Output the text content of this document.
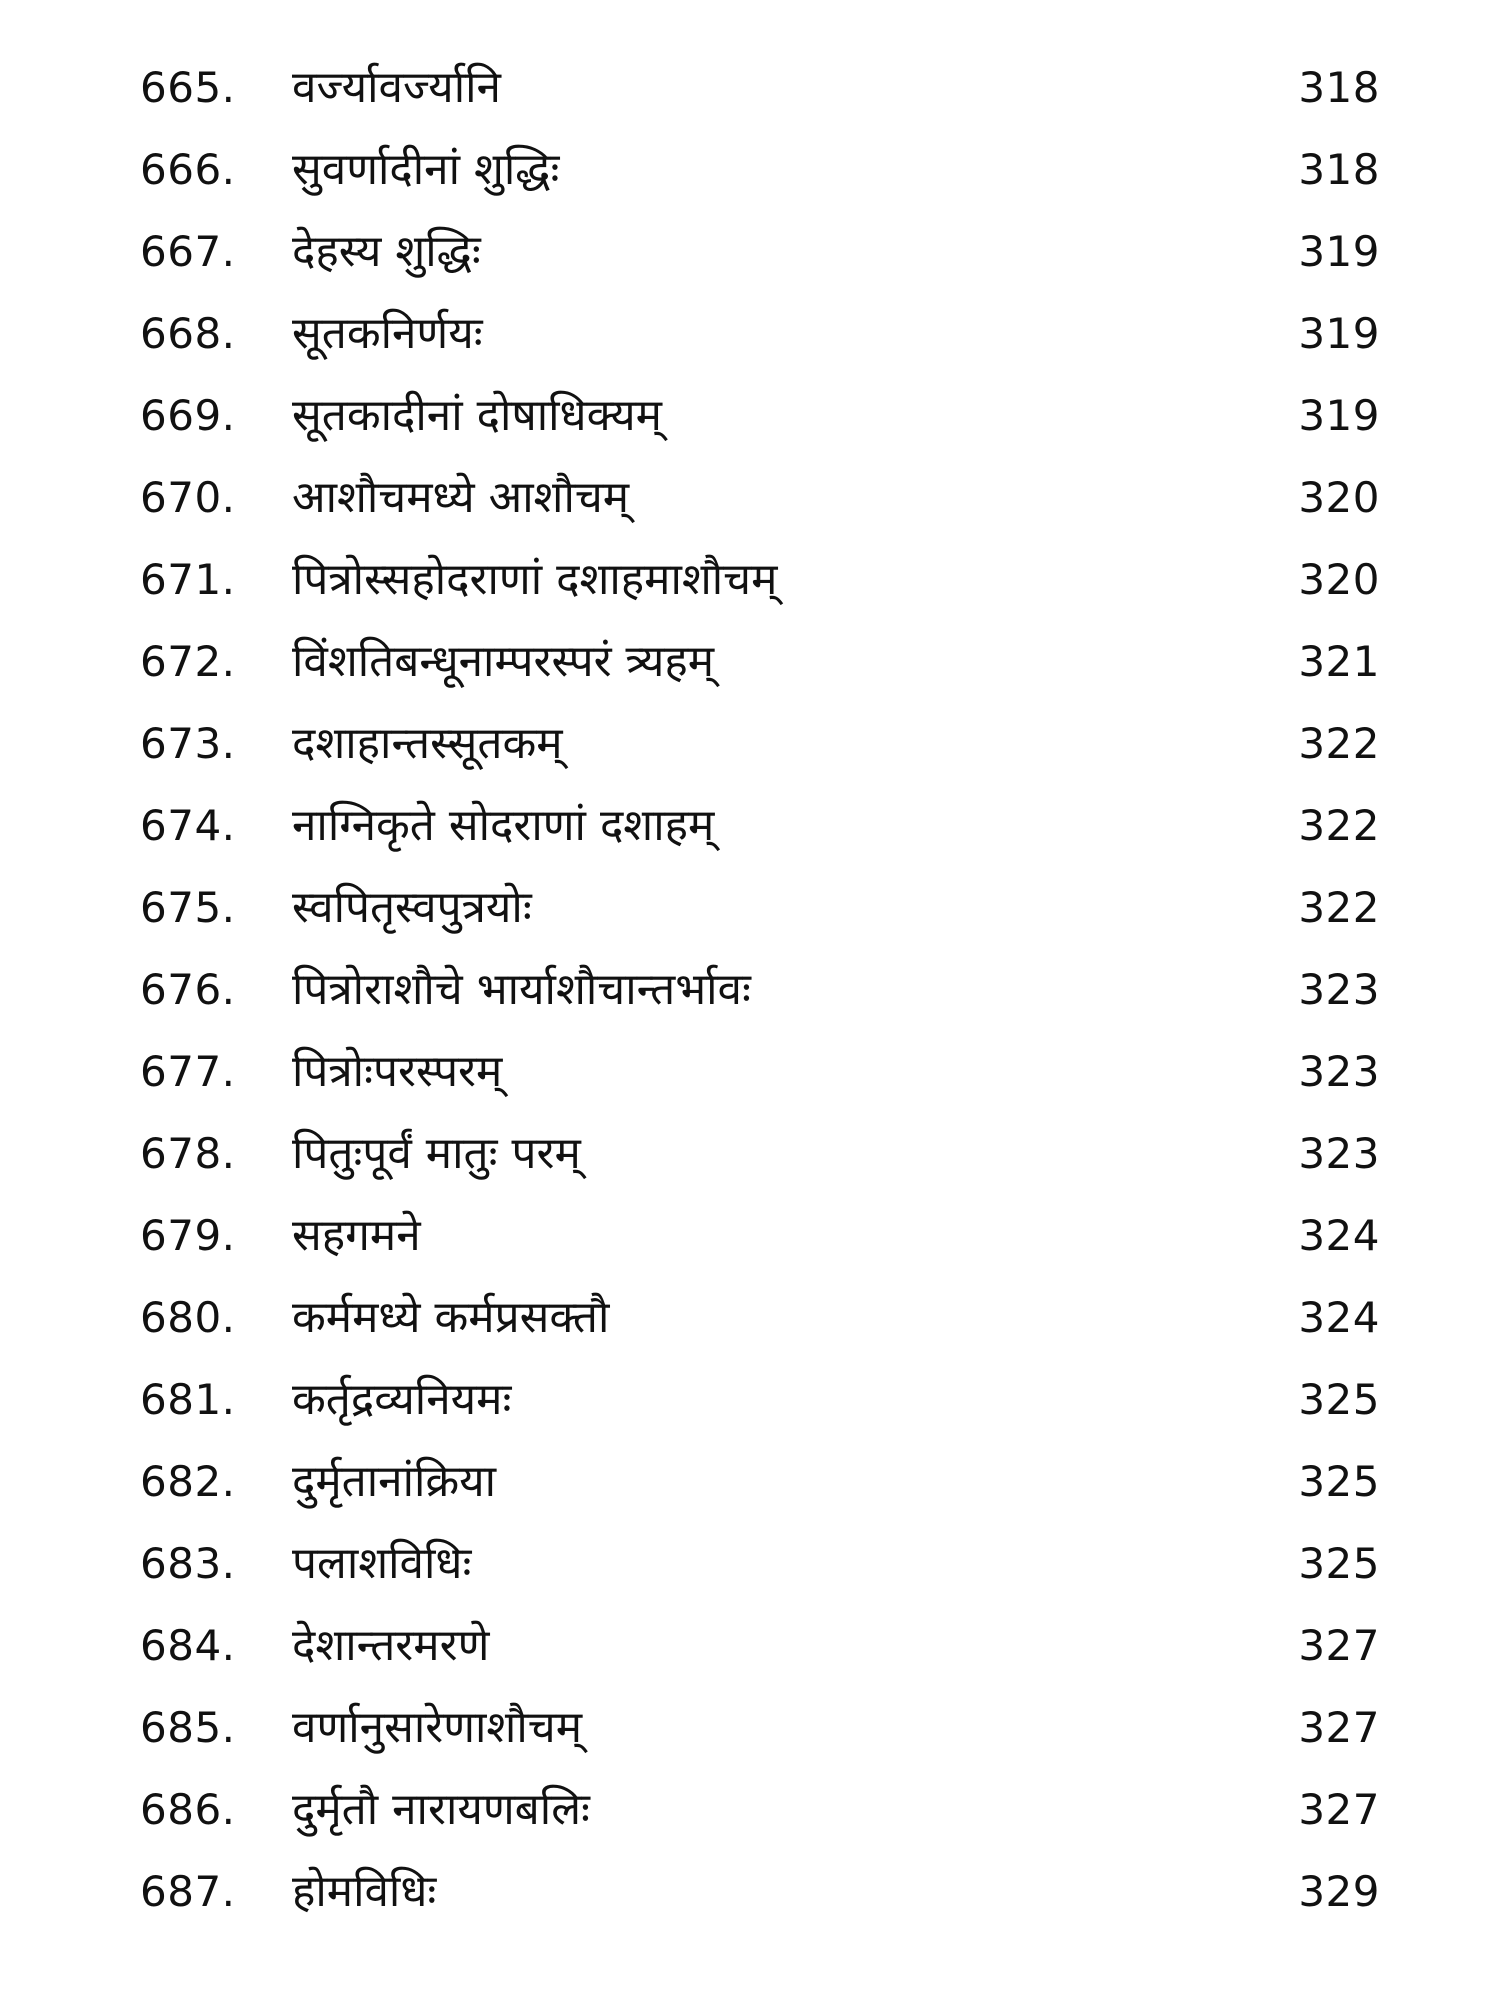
665.	वर्ज्यावर्ज्यानि	318
666.	सुवर्णादीनां शुद्धिः	318
667.	देहस्य शुद्धिः	319
668.	सूतकनिर्णयः	319
669.	सूतकादीनां दोषाधिक्यम्	319
670.	आशौचमध्ये आशौचम्	320
671.	पित्रोस्सहोदराणां दशाहमाशौचम्	320
672.	विंशतिबन्धूनाम्परस्परं त्र्यहम्	321
673.	दशाहान्तस्सूतकम्	322
674.	नाग्निकृते सोदराणां दशाहम्	322
675.	स्वपितृस्वपुत्रयोः	322
676.	पित्रोराशौचे भार्याशौचान्तर्भावः	323
677.	पित्रोःपरस्परम्	323
678.	पितुःपूर्वं मातुः परम्	323
679.	सहगमने	324
680.	कर्ममध्ये कर्मप्रसक्तौ	324
681.	कर्तृद्रव्यनियमः	325
682.	दुर्मृतानांक्रिया	325
683.	पलाशविधिः	325
684.	देशान्तरमरणे	327
685.	वर्णानुसारेणाशौचम्	327
686.	दुर्मृतौ नारायणबलिः	327
687.	होमविधिः	329
